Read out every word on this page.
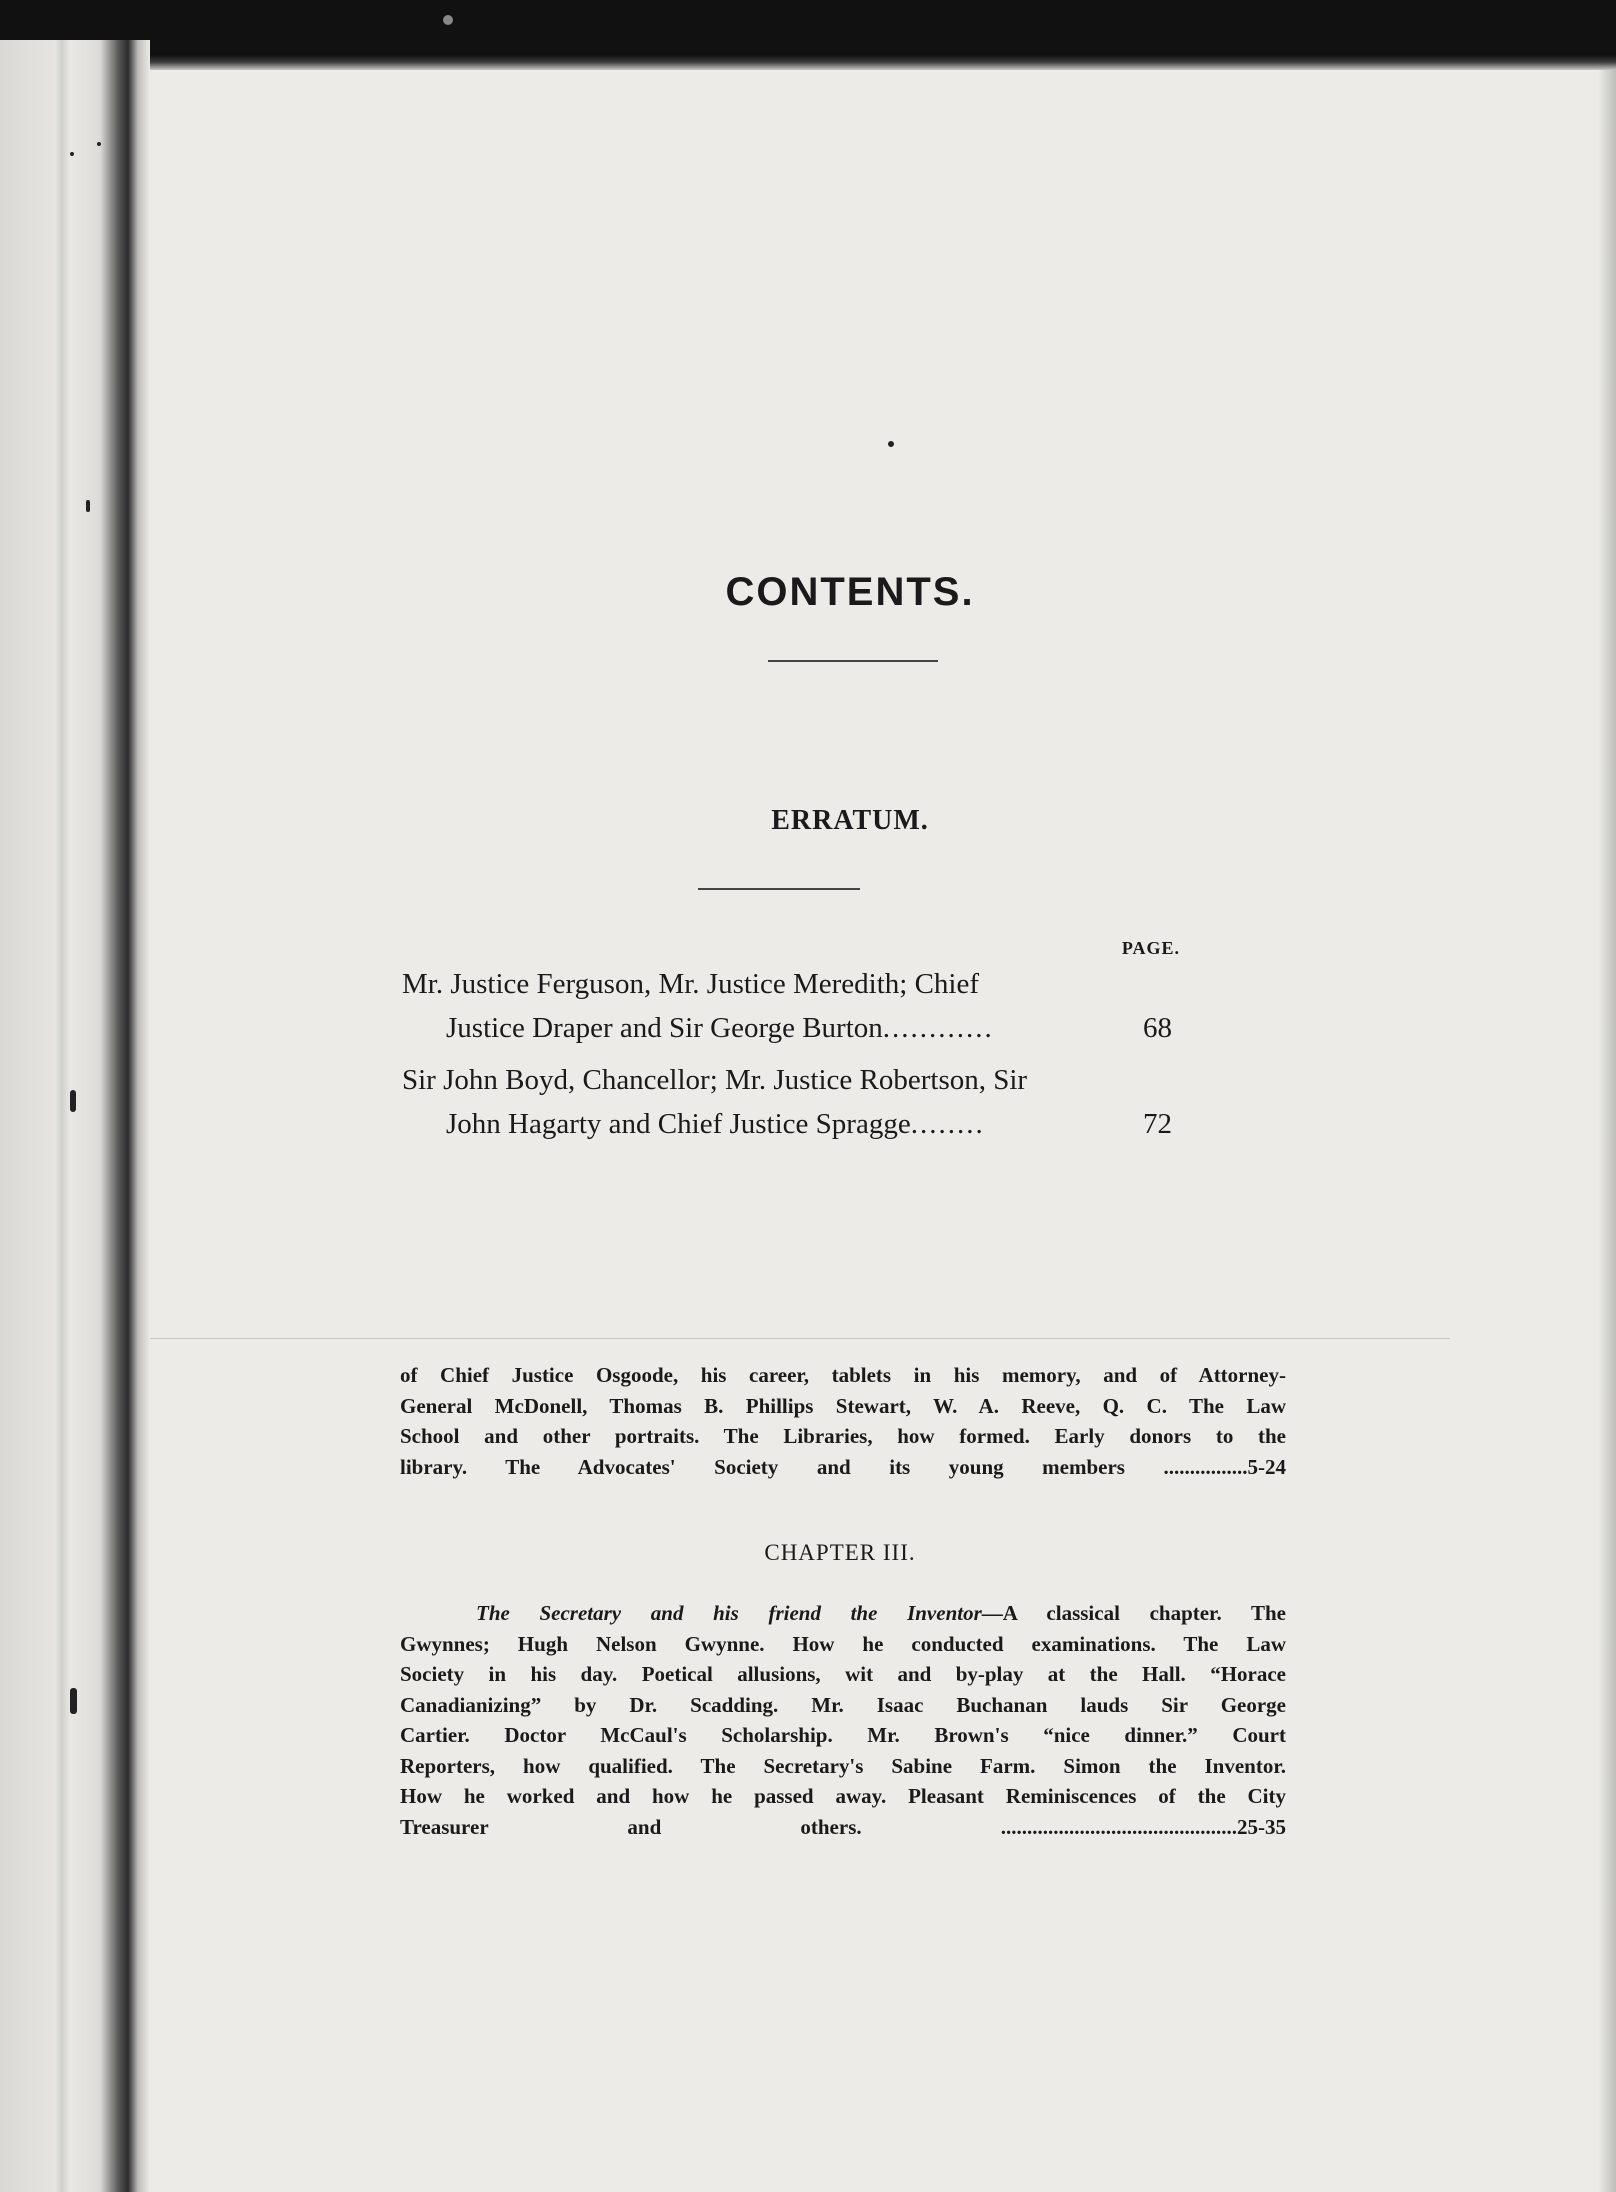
CONTENTS.
ERRATUM.
PAGE.
Mr. Justice Ferguson, Mr. Justice Meredith; Chief
Justice Draper and Sir George Burton............	68
Sir John Boyd, Chancellor; Mr. Justice Robertson, Sir
John Hagarty and Chief Justice Spragge........	72
of Chief Justice Osgoode, his career, tablets in his memory, and of Attorney-
General McDonell, Thomas B. Phillips Stewart, W. A. Reeve, Q. C. The Law
School and other portraits. The Libraries, how formed. Early donors to the
library. The Advocates' Society and its young members ................5-24
CHAPTER III.
The Secretary and his friend the Inventor—A classical chapter. The
Gwynnes; Hugh Nelson Gwynne. How he conducted examinations. The Law
Society in his day. Poetical allusions, wit and by-play at the Hall. “Horace
Canadianizing” by Dr. Scadding. Mr. Isaac Buchanan lauds Sir George
Cartier. Doctor McCaul's Scholarship. Mr. Brown's “nice dinner.” Court
Reporters, how qualified. The Secretary's Sabine Farm. Simon the Inventor.
How he worked and how he passed away. Pleasant Reminiscences of the City
Treasurer and others. .............................................25-35
